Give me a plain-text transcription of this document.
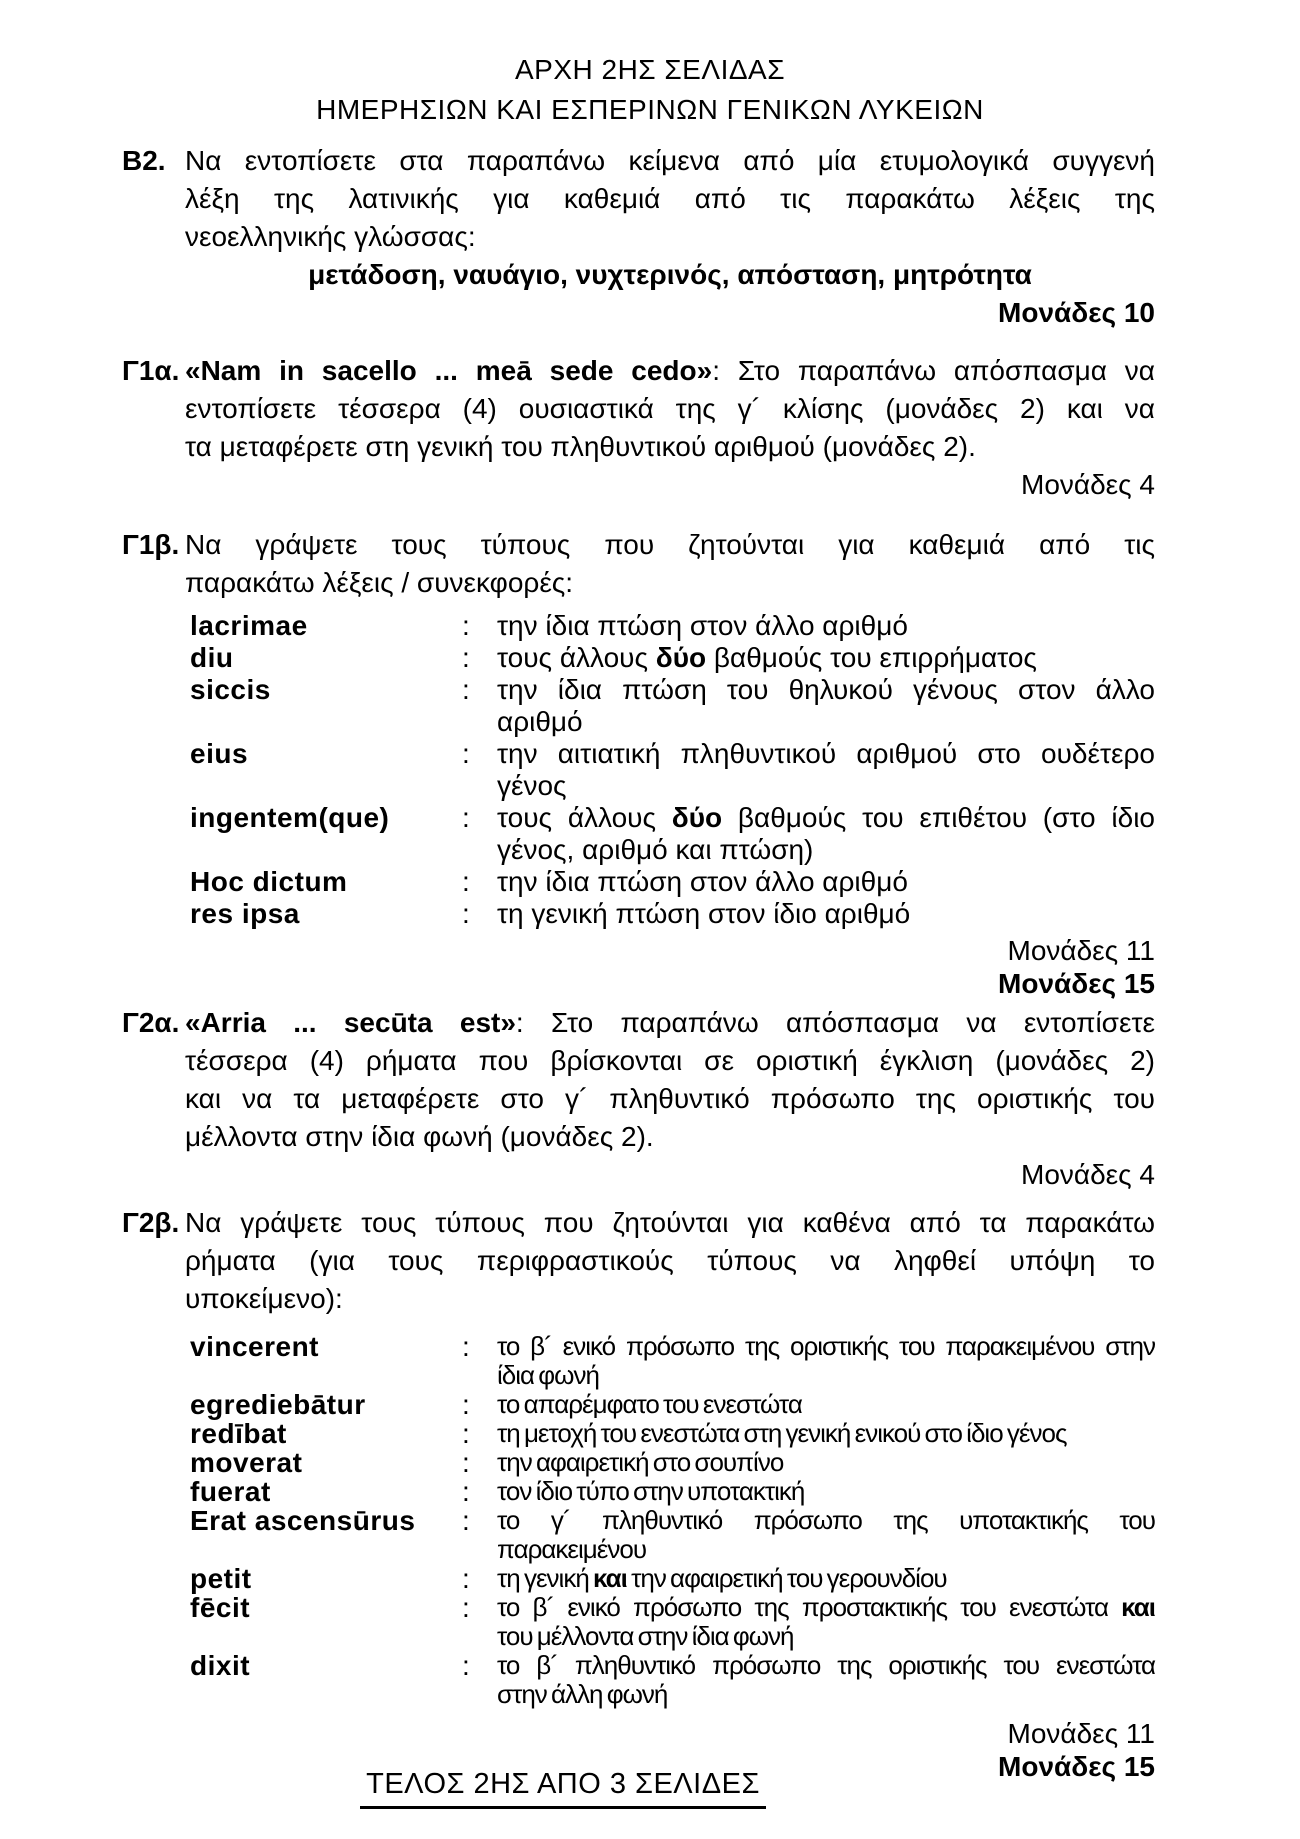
ΑΡΧΗ 2ΗΣ ΣΕΛΙΔΑΣ
ΗΜΕΡΗΣΙΩΝ ΚΑΙ ΕΣΠΕΡΙΝΩΝ ΓΕΝΙΚΩΝ ΛΥΚΕΙΩΝ
Β2. Να εντοπίσετε στα παραπάνω κείμενα από μία ετυμολογικά συγγενή
λέξη της λατινικής για καθεμιά από τις παρακάτω λέξεις της
νεοελληνικής γλώσσας:
μετάδοση, ναυάγιο, νυχτερινός, απόσταση, μητρότητα
Μονάδες 10
Γ1α. «Nam in sacello ... meā sede cedo»: Στο παραπάνω απόσπασμα να
εντοπίσετε τέσσερα (4) ουσιαστικά της γ´ κλίσης (μονάδες 2) και να
τα μεταφέρετε στη γενική του πληθυντικού αριθμού (μονάδες 2).
Μονάδες 4
Γ1β. Να γράψετε τους τύπους που ζητούνται για καθεμιά από τις
παρακάτω λέξεις / συνεκφορές:
lacrimae	: την ίδια πτώση στον άλλο αριθμό
diu	: τους άλλους δύο βαθμούς του επιρρήματος
siccis	: την ίδια πτώση του θηλυκού γένους στον άλλο
αριθμό
eius	: την αιτιατική πληθυντικού αριθμού στο ουδέτερο
γένος
ingentem(que)	: τους άλλους δύο βαθμούς του επιθέτου (στο ίδιο
γένος, αριθμό και πτώση)
Hoc dictum	: την ίδια πτώση στον άλλο αριθμό
res ipsa	: τη γενική πτώση στον ίδιο αριθμό
Μονάδες 11
Μονάδες 15
Γ2α. «Arria ... secūta est»: Στο παραπάνω απόσπασμα να εντοπίσετε
τέσσερα (4) ρήματα που βρίσκονται σε οριστική έγκλιση (μονάδες 2)
και να τα μεταφέρετε στο γ´ πληθυντικό πρόσωπο της οριστικής του
μέλλοντα στην ίδια φωνή (μονάδες 2).
Μονάδες 4
Γ2β. Να γράψετε τους τύπους που ζητούνται για καθένα από τα παρακάτω
ρήματα (για τους περιφραστικούς τύπους να ληφθεί υπόψη το
υποκείμενο):
vincerent	:	το β´ ενικό πρόσωπο της οριστικής του παρακειμένου στην
ίδια φωνή
egrediebātur	:	το απαρέμφατο του ενεστώτα
redībat	:	τη μετοχή του ενεστώτα στη γενική ενικού στο ίδιο γένος
moverat	:	την αφαιρετική στο σουπίνο
fuerat	:	τον ίδιο τύπο στην υποτακτική
Erat ascensūrus	:	το γ´ πληθυντικό πρόσωπο της υποτακτικής του
παρακειμένου
petit	:	τη γενική και την αφαιρετική του γερουνδίου
fēcit	:	το β´ ενικό πρόσωπο της προστακτικής του ενεστώτα και
του μέλλοντα στην ίδια φωνή
dixit	:	το β´ πληθυντικό πρόσωπο της οριστικής του ενεστώτα
στην άλλη φωνή
Μονάδες 11
Μονάδες 15
ΤΕΛΟΣ 2ΗΣ ΑΠΟ 3 ΣΕΛΙΔΕΣ
